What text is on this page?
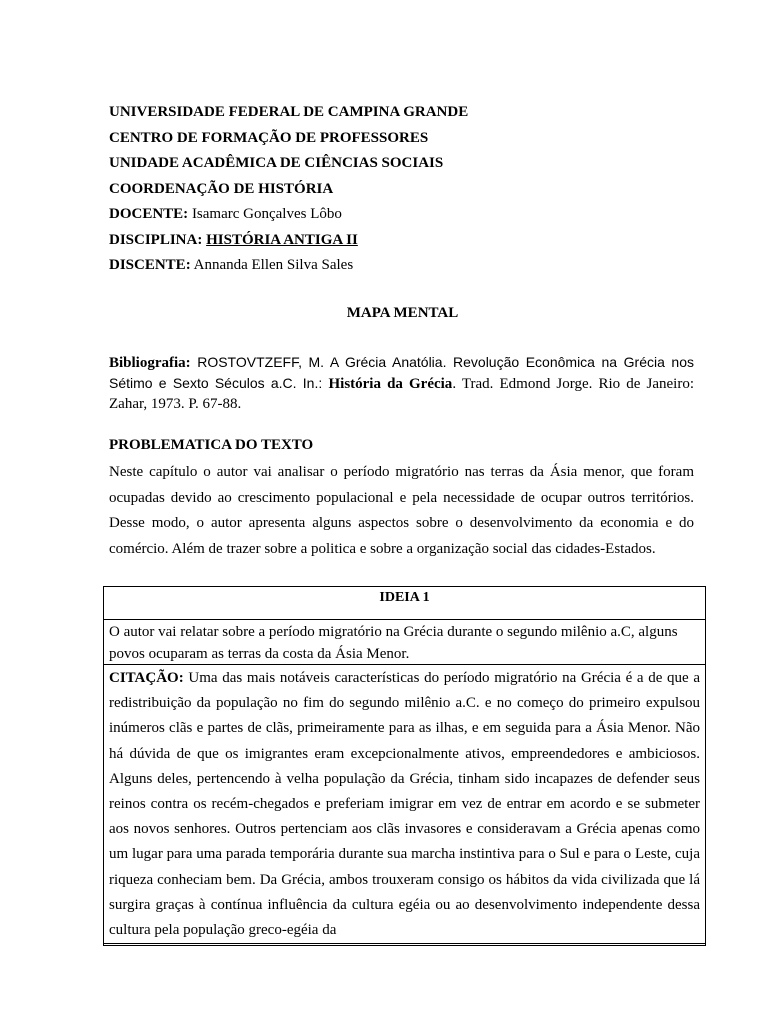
UNIVERSIDADE FEDERAL DE CAMPINA GRANDE
CENTRO DE FORMAÇÃO DE PROFESSORES
UNIDADE ACADÊMICA DE CIÊNCIAS SOCIAIS
COORDENAÇÃO DE HISTÓRIA
DOCENTE: Isamarc Gonçalves Lôbo
DISCIPLINA: HISTÓRIA ANTIGA II
DISCENTE: Annanda Ellen Silva Sales
MAPA MENTAL
Bibliografia: ROSTOVTZEFF, M. A Grécia Anatólia. Revolução Econômica na Grécia nos Sétimo e Sexto Séculos a.C. In.: História da Grécia. Trad. Edmond Jorge. Rio de Janeiro: Zahar, 1973. P. 67-88.
PROBLEMATICA DO TEXTO
Neste capítulo o autor vai analisar o período migratório nas terras da Ásia menor, que foram ocupadas devido ao crescimento populacional e pela necessidade de ocupar outros territórios. Desse modo, o autor apresenta alguns aspectos sobre o desenvolvimento da economia e do comércio. Além de trazer sobre a politica e sobre a organização social das cidades-Estados.
IDEIA 1
O autor vai relatar sobre a período migratório na Grécia durante o segundo milênio a.C, alguns povos ocuparam as terras da costa da Ásia Menor.
CITAÇÃO: Uma das mais notáveis características do período migratório na Grécia é a de que a redistribuição da população no fim do segundo milênio a.C. e no começo do primeiro expulsou inúmeros clãs e partes de clãs, primeiramente para as ilhas, e em seguida para a Ásia Menor. Não há dúvida de que os imigrantes eram excepcionalmente ativos, empreendedores e ambiciosos. Alguns deles, pertencendo à velha população da Grécia, tinham sido incapazes de defender seus reinos contra os recém-chegados e preferiam imigrar em vez de entrar em acordo e se submeter aos novos senhores. Outros pertenciam aos clãs invasores e consideravam a Grécia apenas como um lugar para uma parada temporária durante sua marcha instintiva para o Sul e para o Leste, cuja riqueza conheciam bem. Da Grécia, ambos trouxeram consigo os hábitos da vida civilizada que lá surgira graças à contínua influência da cultura egéia ou ao desenvolvimento independente dessa cultura pela população greco-egéia da
